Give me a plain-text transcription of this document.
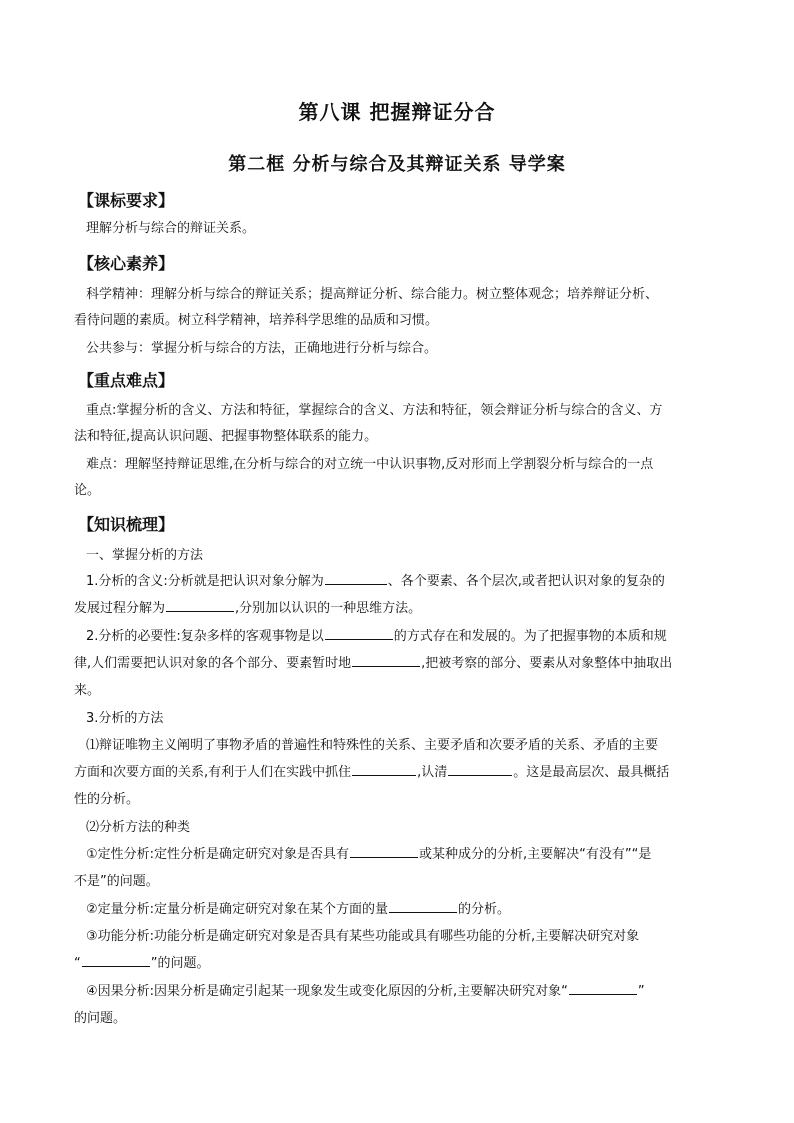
第八课 把握辩证分合
第二框 分析与综合及其辩证关系 导学案
【课标要求】
理解分析与综合的辩证关系。
【核心素养】
科学精神：理解分析与综合的辩证关系；提高辩证分析、综合能力。树立整体观念；培养辩证分析、
看待问题的素质。树立科学精神，培养科学思维的品质和习惯。
公共参与：掌握分析与综合的方法，正确地进行分析与综合。
【重点难点】
重点:掌握分析的含义、方法和特征，掌握综合的含义、方法和特征，领会辩证分析与综合的含义、方
法和特征,提高认识问题、把握事物整体联系的能力。
难点：理解坚持辩证思维,在分析与综合的对立统一中认识事物,反对形而上学割裂分析与综合的一点
论。
【知识梳理】
一、掌握分析的方法
1.分析的含义:分析就是把认识对象分解为	、各个要素、各个层次,或者把认识对象的复杂的
发展过程分解为	,分别加以认识的一种思维方法。
2.分析的必要性:复杂多样的客观事物是以	的方式存在和发展的。为了把握事物的本质和规
律,人们需要把认识对象的各个部分、要素暂时地	,把被考察的部分、要素从对象整体中抽取出
来。
3.分析的方法
⑴辩证唯物主义阐明了事物矛盾的普遍性和特殊性的关系、主要矛盾和次要矛盾的关系、矛盾的主要
方面和次要方面的关系,有利于人们在实践中抓住	,认清	。这是最高层次、最具概括
性的分析。
⑵分析方法的种类
①定性分析:定性分析是确定研究对象是否具有	或某种成分的分析,主要解决“有没有”“是
不是”的问题。
②定量分析:定量分析是确定研究对象在某个方面的量	的分析。
③功能分析:功能分析是确定研究对象是否具有某些功能或具有哪些功能的分析,主要解决研究对象
“	”的问题。
④因果分析:因果分析是确定引起某一现象发生或变化原因的分析,主要解决研究对象“	”
的问题。
